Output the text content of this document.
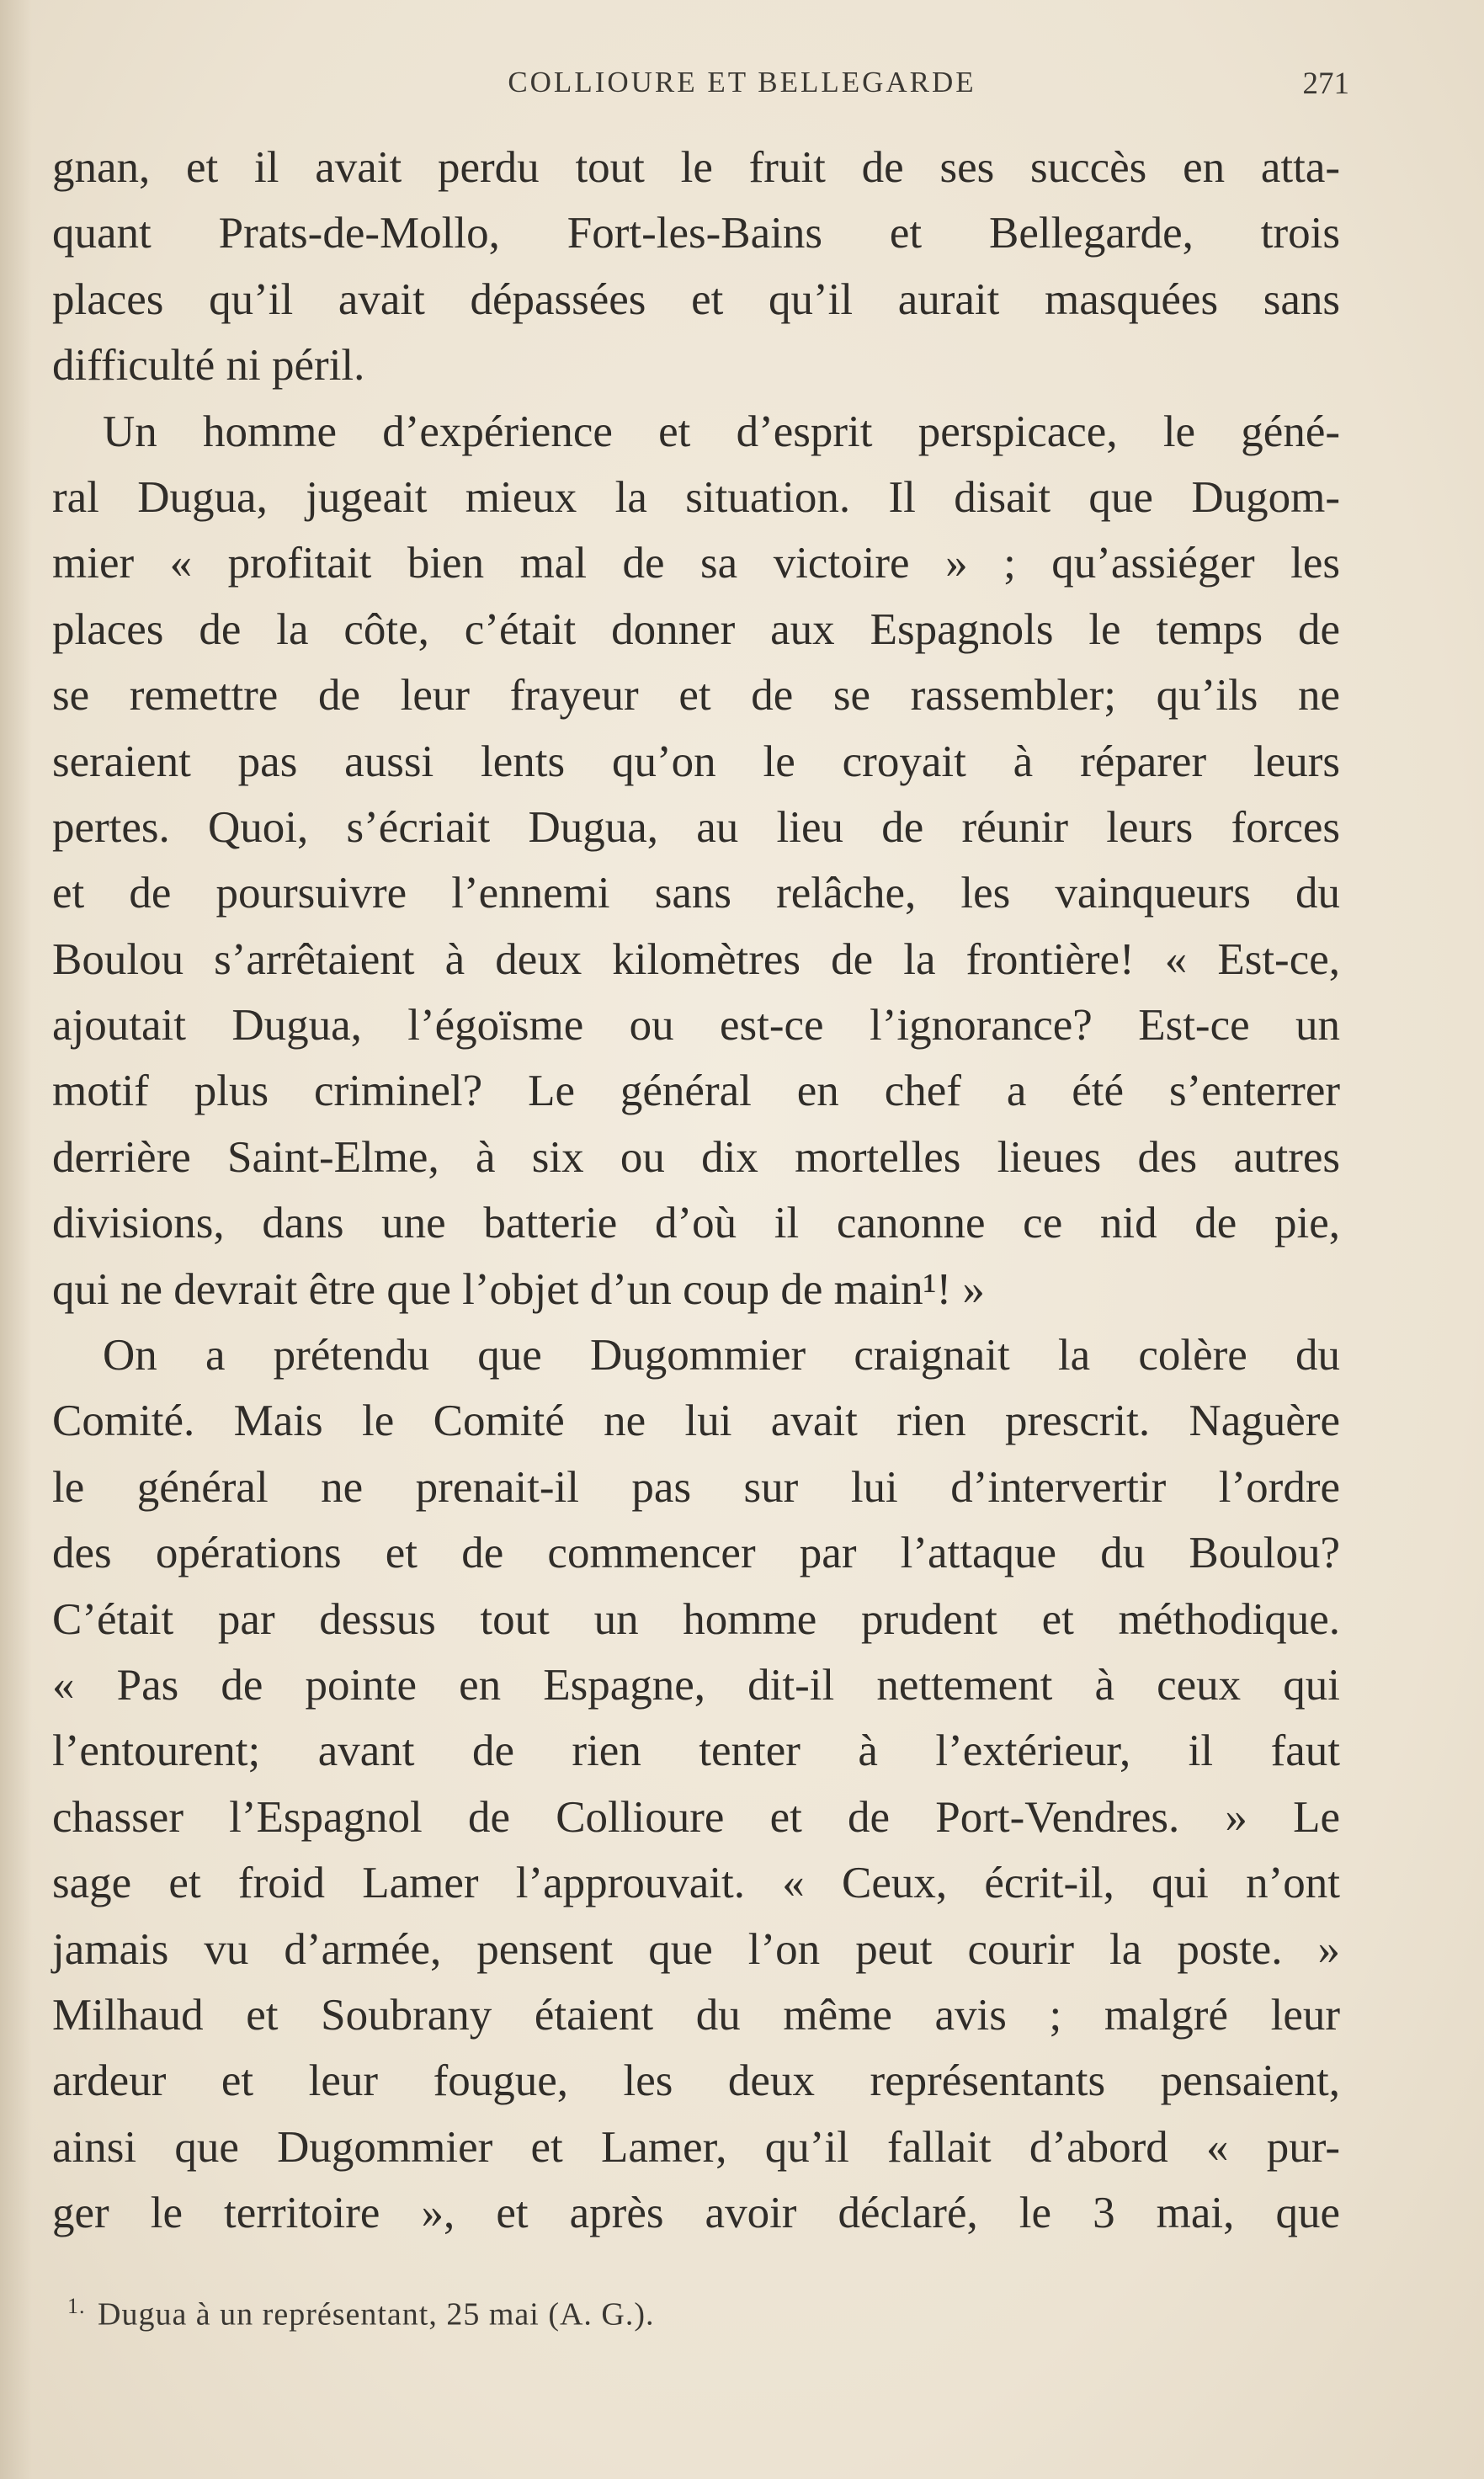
COLLIOURE ET BELLEGARDE	271
gnan, et il avait perdu tout le fruit de ses succès en atta-
quant Prats-de-Mollo, Fort-les-Bains et Bellegarde, trois
places qu’il avait dépassées et qu’il aurait masquées sans
difficulté ni péril.
Un homme d’expérience et d’esprit perspicace, le géné-
ral Dugua, jugeait mieux la situation. Il disait que Dugom-
mier « profitait bien mal de sa victoire » ; qu’assiéger les
places de la côte, c’était donner aux Espagnols le temps de
se remettre de leur frayeur et de se rassembler; qu’ils ne
seraient pas aussi lents qu’on le croyait à réparer leurs
pertes. Quoi, s’écriait Dugua, au lieu de réunir leurs forces
et de poursuivre l’ennemi sans relâche, les vainqueurs du
Boulou s’arrêtaient à deux kilomètres de la frontière! « Est-ce,
ajoutait Dugua, l’égoïsme ou est-ce l’ignorance? Est-ce un
motif plus criminel? Le général en chef a été s’enterrer
derrière Saint-Elme, à six ou dix mortelles lieues des autres
divisions, dans une batterie d’où il canonne ce nid de pie,
qui ne devrait être que l’objet d’un coup de main¹! »
On a prétendu que Dugommier craignait la colère du
Comité. Mais le Comité ne lui avait rien prescrit. Naguère
le général ne prenait-il pas sur lui d’intervertir l’ordre
des opérations et de commencer par l’attaque du Boulou?
C’était par dessus tout un homme prudent et méthodique.
« Pas de pointe en Espagne, dit-il nettement à ceux qui
l’entourent; avant de rien tenter à l’extérieur, il faut
chasser l’Espagnol de Collioure et de Port-Vendres. » Le
sage et froid Lamer l’approuvait. « Ceux, écrit-il, qui n’ont
jamais vu d’armée, pensent que l’on peut courir la poste. »
Milhaud et Soubrany étaient du même avis ; malgré leur
ardeur et leur fougue, les deux représentants pensaient,
ainsi que Dugommier et Lamer, qu’il fallait d’abord « pur-
ger le territoire », et après avoir déclaré, le 3 mai, que
$^{1.}$ Dugua à un représentant, 25 mai (A. G.).
